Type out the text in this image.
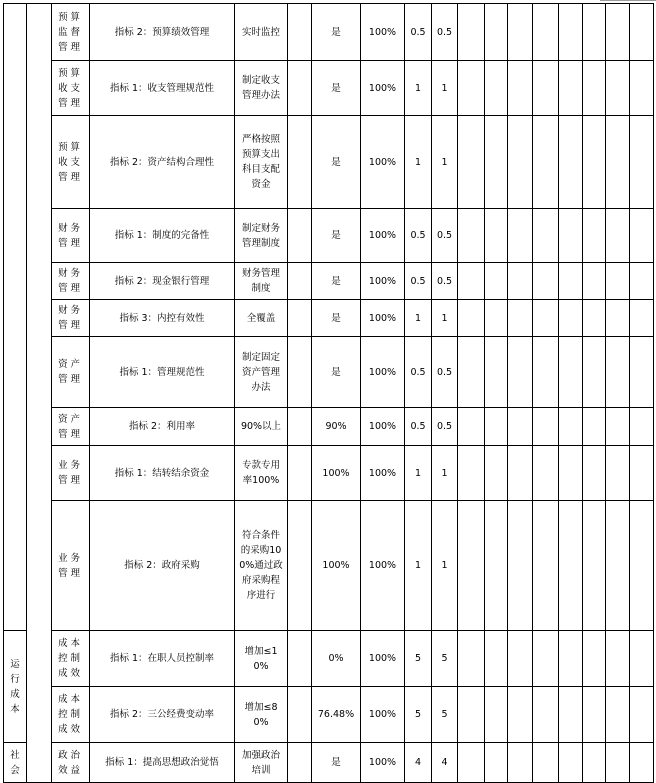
		预算监督管理	指标 2：预算绩效管理	实时监控		是	100%	0.5	0.5								
		预算收支管理	指标 1：收支管理规范性	制定收支管理办法		是	100%	1	1								
		预算收支管理	指标 2：资产结构合理性	严格按照预算支出科目支配资金		是	100%	1	1								
		财务管理	指标 1：制度的完备性	制定财务管理制度		是	100%	0.5	0.5								
		财务管理	指标 2：现金银行管理	财务管理制度		是	100%	0.5	0.5								
		财务管理	指标 3：内控有效性	全覆盖		是	100%	1	1								
		资产管理	指标 1：管理规范性	制定固定资产管理办法		是	100%	0.5	0.5								
		资产管理	指标 2：利用率	90%以上		90%	100%	0.5	0.5								
		业务管理	指标 1：结转结余资金	专款专用率100%		100%	100%	1	1								
		业务管理	指标 2：政府采购	符合条件的采购100%通过政府采购程序进行		100%	100%	1	1								
运行成本		成本控制成效	指标 1：在职人员控制率	增加≤10%		0%	100%	5	5								
		成本控制成效	指标 2：三公经费变动率	增加≤80%		76.48%	100%	5	5								
社会		政治效益	指标 1：提高思想政治觉悟	加强政治培训		是	100%	4	4								
